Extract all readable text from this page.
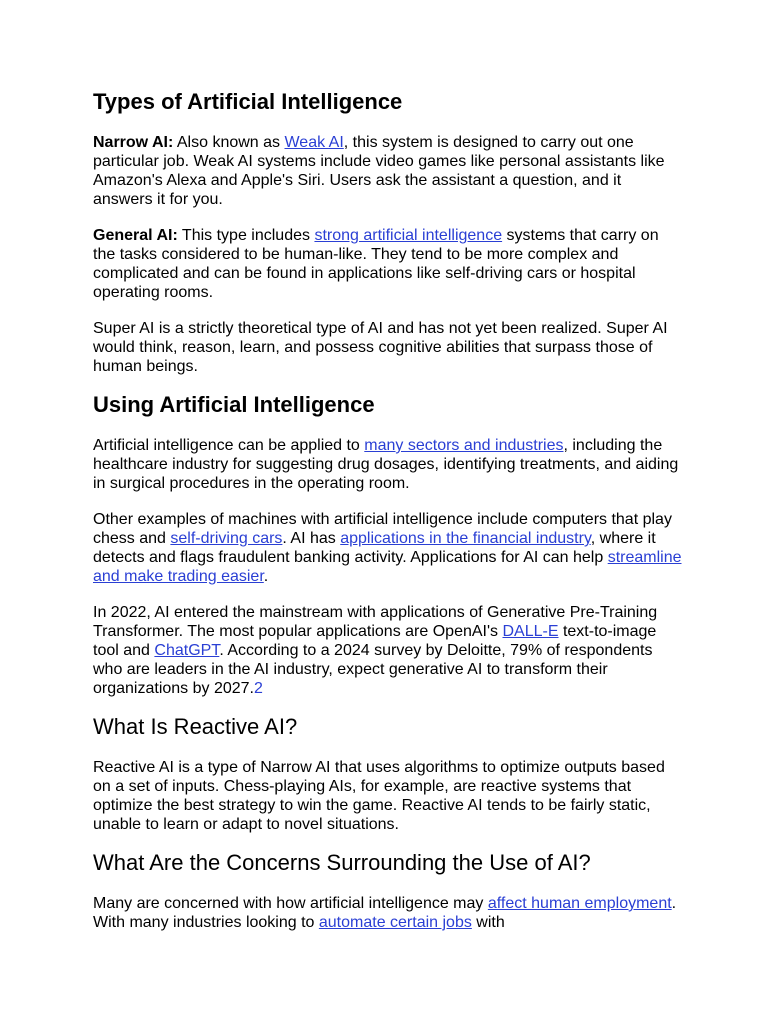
Types of Artificial Intelligence

Narrow AI: Also known as Weak AI, this system is designed to carry out one particular job. Weak AI systems include video games like personal assistants like Amazon's Alexa and Apple's Siri. Users ask the assistant a question, and it answers it for you.

General AI: This type includes strong artificial intelligence systems that carry on the tasks considered to be human-like. They tend to be more complex and complicated and can be found in applications like self-driving cars or hospital operating rooms.

Super AI is a strictly theoretical type of AI and has not yet been realized. Super AI would think, reason, learn, and possess cognitive abilities that surpass those of human beings.

Using Artificial Intelligence

Artificial intelligence can be applied to many sectors and industries, including the healthcare industry for suggesting drug dosages, identifying treatments, and aiding in surgical procedures in the operating room.

Other examples of machines with artificial intelligence include computers that play chess and self-driving cars. AI has applications in the financial industry, where it detects and flags fraudulent banking activity. Applications for AI can help streamline and make trading easier.

In 2022, AI entered the mainstream with applications of Generative Pre-Training Transformer. The most popular applications are OpenAI's DALL-E text-to-image tool and ChatGPT. According to a 2024 survey by Deloitte, 79% of respondents who are leaders in the AI industry, expect generative AI to transform their organizations by 2027.2

What Is Reactive AI?

Reactive AI is a type of Narrow AI that uses algorithms to optimize outputs based on a set of inputs. Chess-playing AIs, for example, are reactive systems that optimize the best strategy to win the game. Reactive AI tends to be fairly static, unable to learn or adapt to novel situations.

What Are the Concerns Surrounding the Use of AI?

Many are concerned with how artificial intelligence may affect human employment. With many industries looking to automate certain jobs with
